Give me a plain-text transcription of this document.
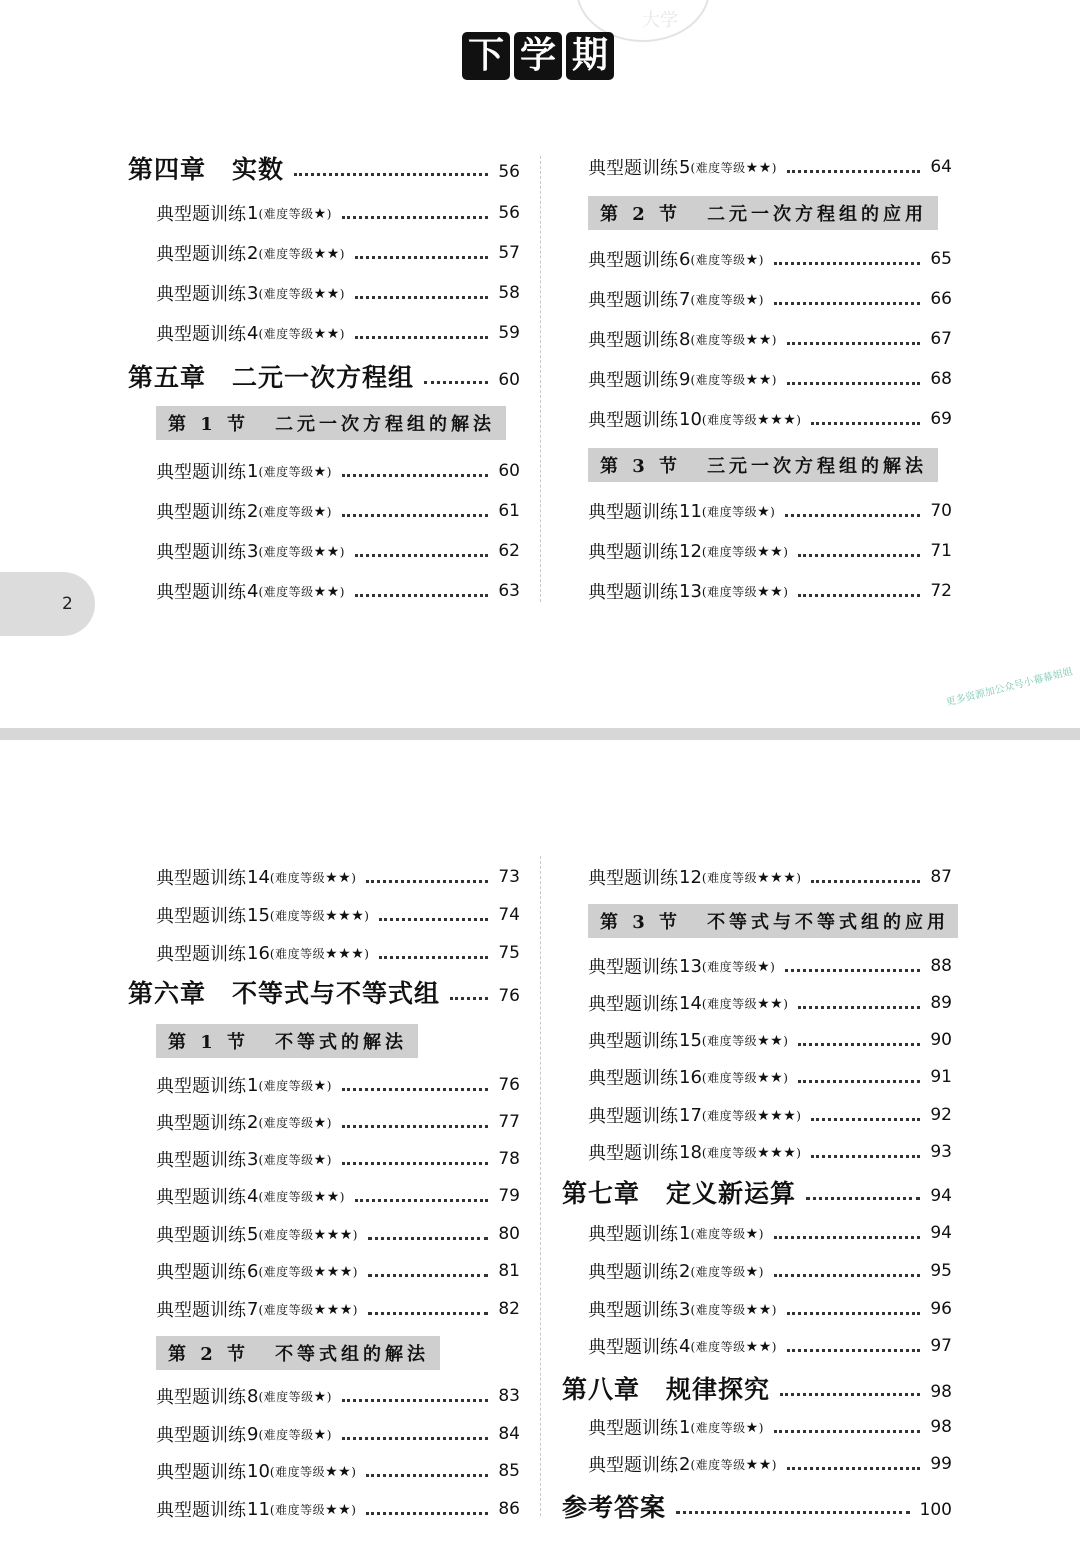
大学
下 学 期
第四章 实数	56
典型题训练 1 (难度等级★)	56
典型题训练 2 (难度等级★★)	57
典型题训练 3 (难度等级★★)	58
典型题训练 4 (难度等级★★)	59
第五章 二元一次方程组	60
第 1 节 二元一次方程组的解法
典型题训练 1 (难度等级★)	60
典型题训练 2 (难度等级★)	61
典型题训练 3 (难度等级★★)	62
典型题训练 4 (难度等级★★)	63
典型题训练 5 (难度等级★★)	64
第 2 节 二元一次方程组的应用
典型题训练 6 (难度等级★)	65
典型题训练 7 (难度等级★)	66
典型题训练 8 (难度等级★★)	67
典型题训练 9 (难度等级★★)	68
典型题训练 10 (难度等级★★★)	69
第 3 节 三元一次方程组的解法
典型题训练 11 (难度等级★)	70
典型题训练 12 (难度等级★★)	71
典型题训练 13 (难度等级★★)	72
2
更多资源加公众号小幕幕姐姐
典型题训练 14 (难度等级★★)	73
典型题训练 15 (难度等级★★★)	74
典型题训练 16 (难度等级★★★)	75
第六章 不等式与不等式组	76
第 1 节 不等式的解法
典型题训练 1 (难度等级★)	76
典型题训练 2 (难度等级★)	77
典型题训练 3 (难度等级★)	78
典型题训练 4 (难度等级★★)	79
典型题训练 5 (难度等级★★★)	80
典型题训练 6 (难度等级★★★)	81
典型题训练 7 (难度等级★★★)	82
第 2 节 不等式组的解法
典型题训练 8 (难度等级★)	83
典型题训练 9 (难度等级★)	84
典型题训练 10 (难度等级★★)	85
典型题训练 11 (难度等级★★)	86
典型题训练 12 (难度等级★★★)	87
第 3 节 不等式与不等式组的应用
典型题训练 13 (难度等级★)	88
典型题训练 14 (难度等级★★)	89
典型题训练 15 (难度等级★★)	90
典型题训练 16 (难度等级★★)	91
典型题训练 17 (难度等级★★★)	92
典型题训练 18 (难度等级★★★)	93
第七章 定义新运算	94
典型题训练 1 (难度等级★)	94
典型题训练 2 (难度等级★)	95
典型题训练 3 (难度等级★★)	96
典型题训练 4 (难度等级★★)	97
第八章 规律探究	98
典型题训练 1 (难度等级★)	98
典型题训练 2 (难度等级★★)	99
参考答案	100
